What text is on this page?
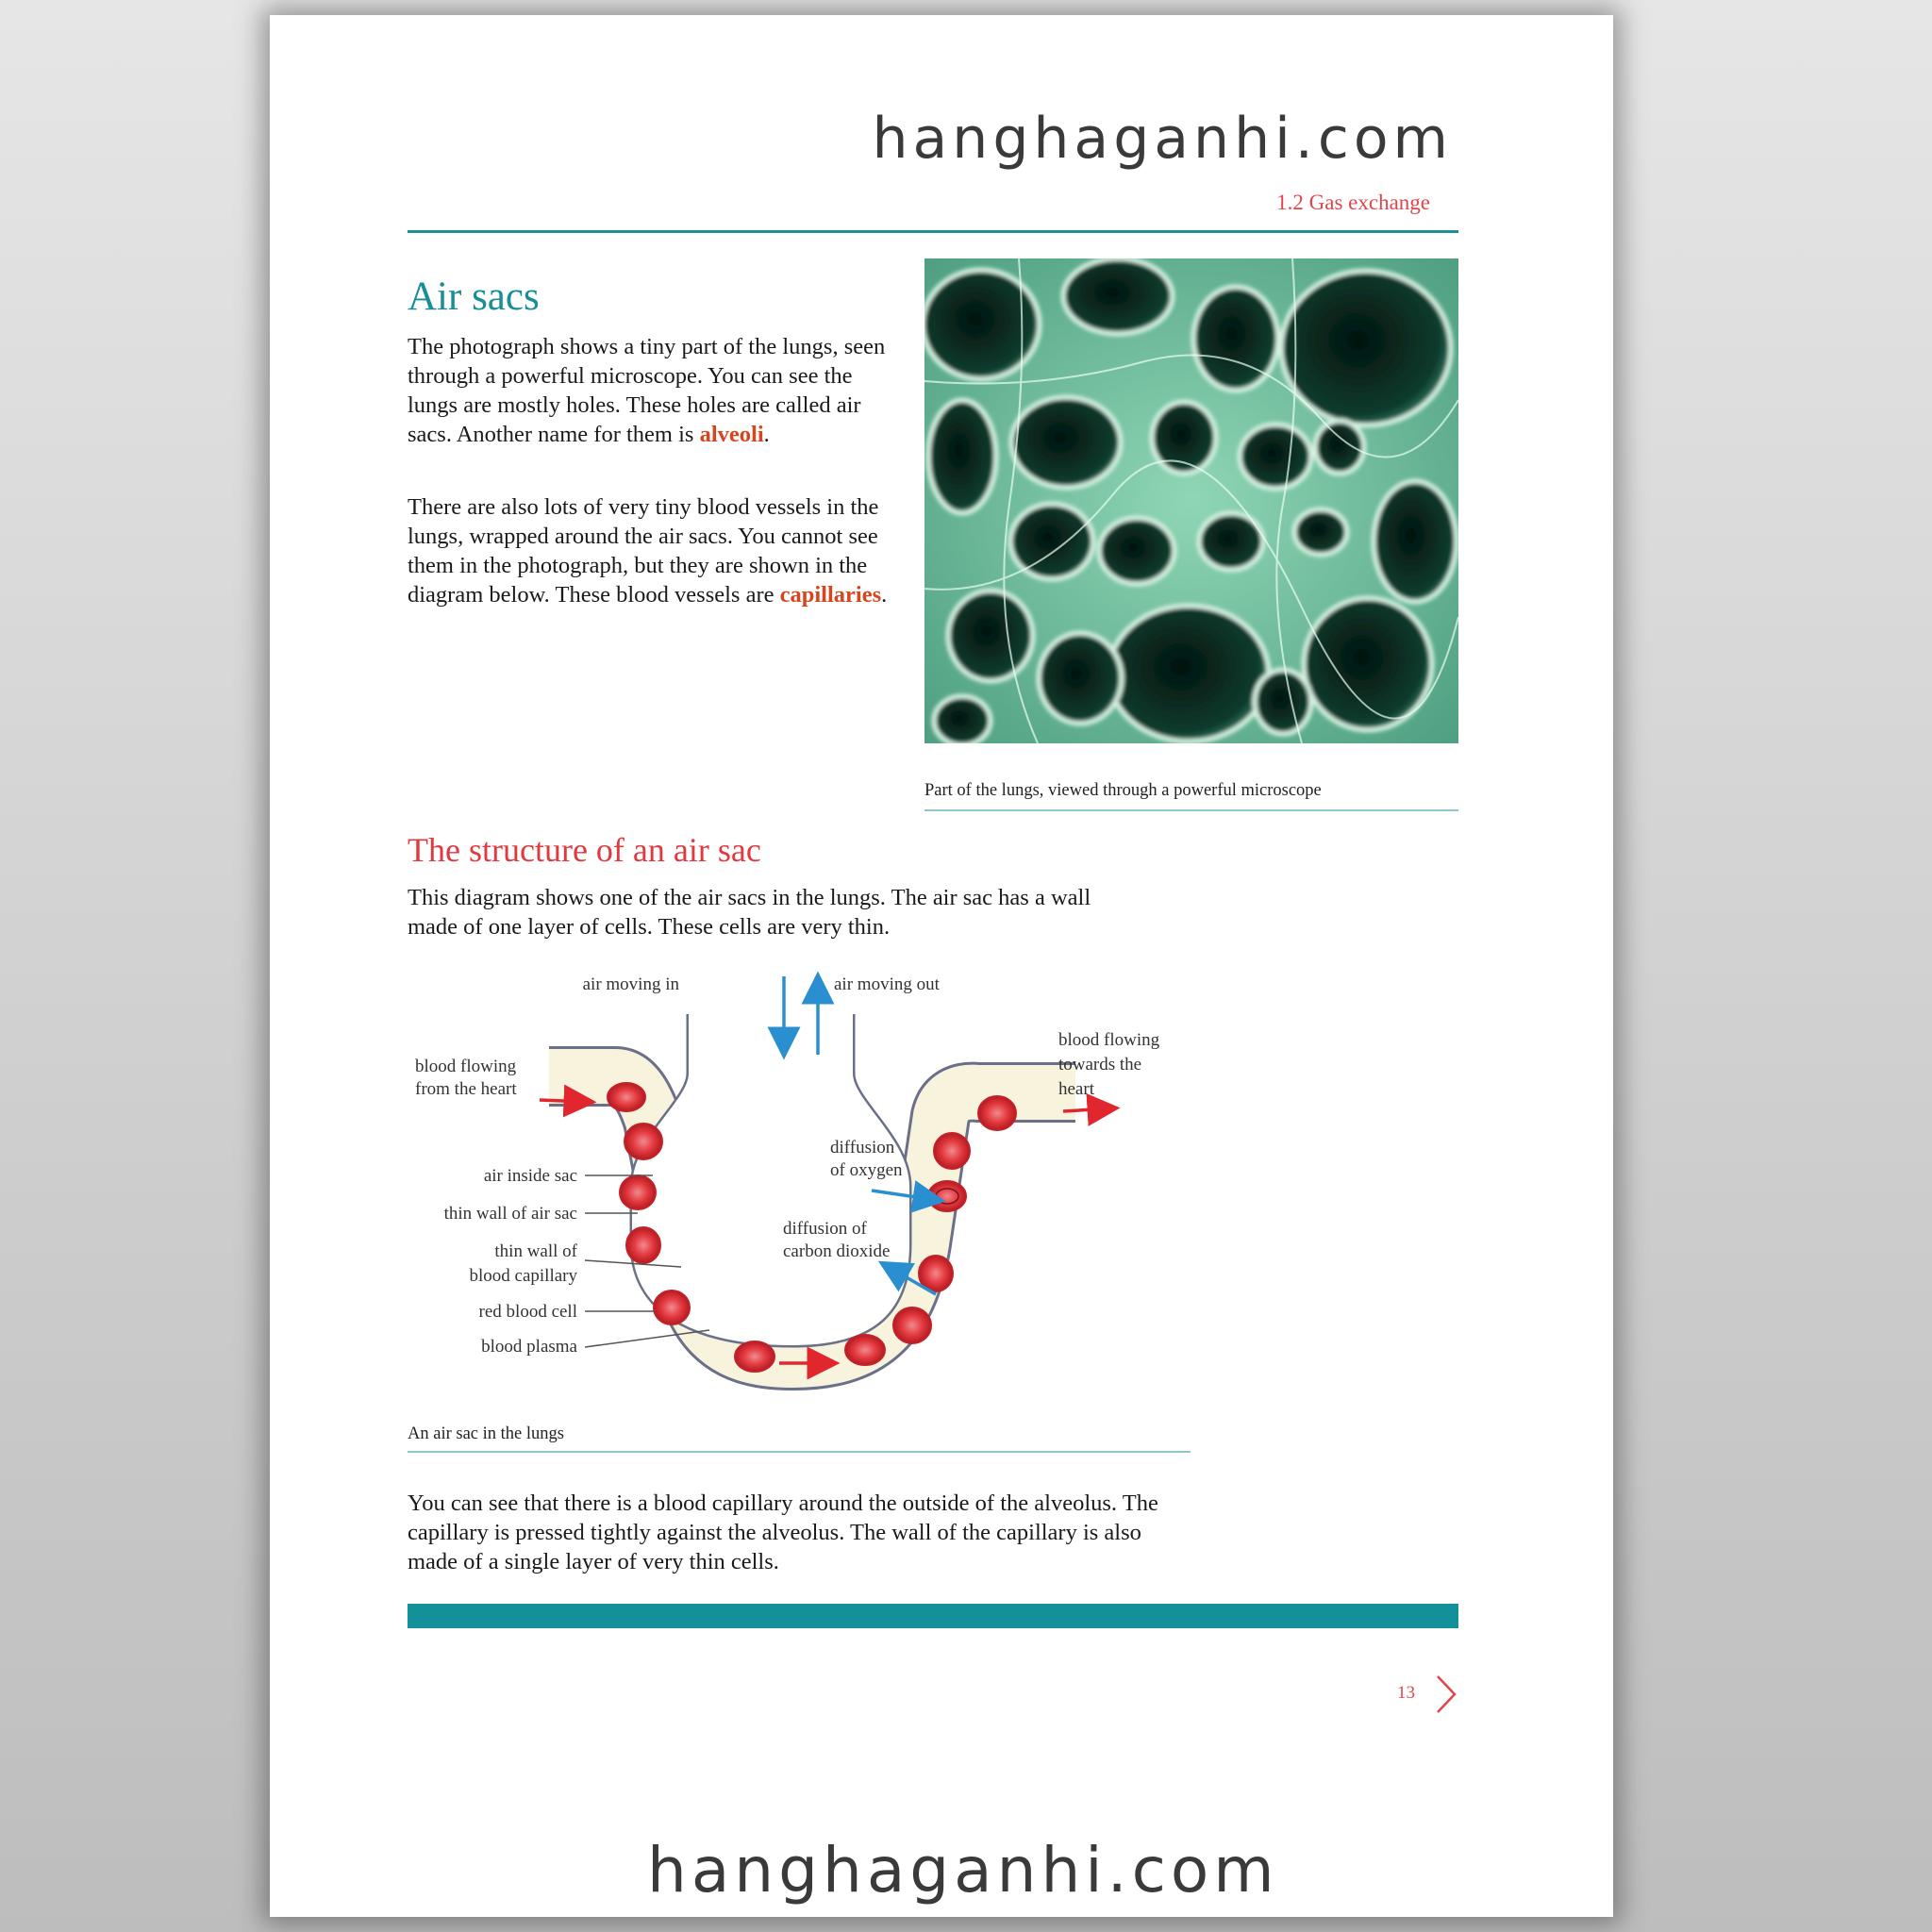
hanghaganhi.com
1.2 Gas exchange
Air sacs

The photograph shows a tiny part of the lungs, seen through a powerful microscope. You can see the lungs are mostly holes. These holes are called air sacs. Another name for them is alveoli.

There are also lots of very tiny blood vessels in the lungs, wrapped around the air sacs. You cannot see them in the photograph, but they are shown in the diagram below. These blood vessels are capillaries.

Part of the lungs, viewed through a powerful microscope
The structure of an air sac

This diagram shows one of the air sacs in the lungs. The air sac has a wall made of one layer of cells. These cells are very thin.

air moving in	air moving out
blood flowing
from the heart
blood flowing
towards the
heart
diffusion
of oxygen
diffusion of
carbon dioxide
air inside sac
thin wall of air sac
thin wall of
blood capillary
red blood cell
blood plasma
An air sac in the lungs

You can see that there is a blood capillary around the outside of the alveolus. The capillary is pressed tightly against the alveolus. The wall of the capillary is also made of a single layer of very thin cells.

13
hanghaganhi.com
